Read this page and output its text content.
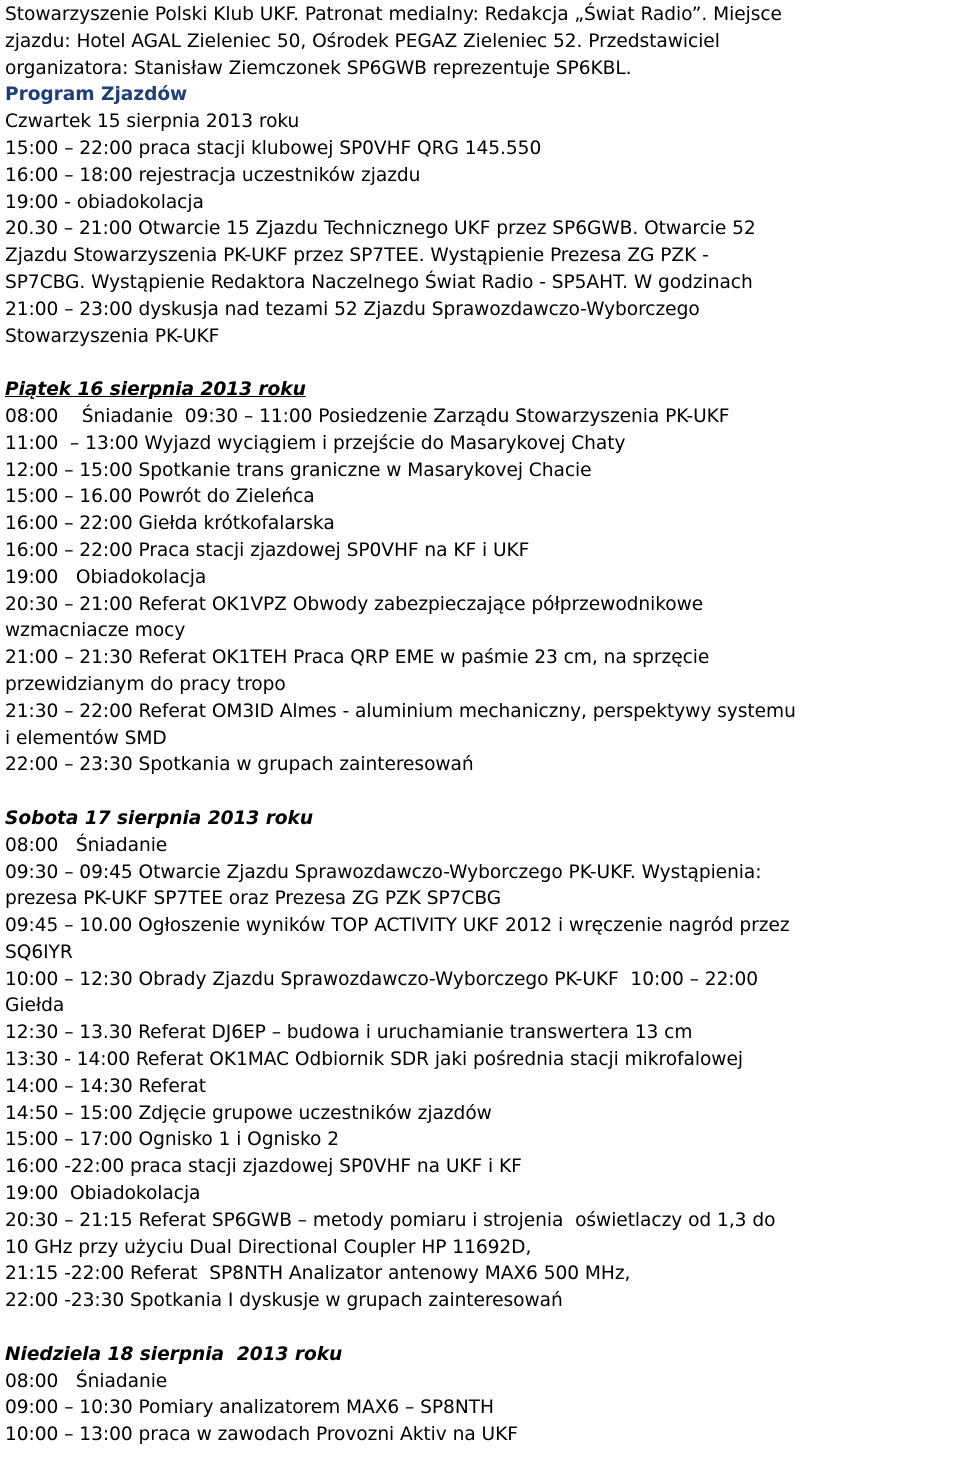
Stowarzyszenie Polski Klub UKF. Patronat medialny: Redakcja „Świat Radio”. Miejsce

zjazdu: Hotel AGAL Zieleniec 50, Ośrodek PEGAZ Zieleniec 52. Przedstawiciel

organizatora: Stanisław Ziemczonek SP6GWB reprezentuje SP6KBL.

Program Zjazdów

Czwartek 15 sierpnia 2013 roku

15:00 – 22:00 praca stacji klubowej SP0VHF QRG 145.550

16:00 – 18:00 rejestracja uczestników zjazdu

19:00 - obiadokolacja

20.30 – 21:00 Otwarcie 15 Zjazdu Technicznego UKF przez SP6GWB. Otwarcie 52

Zjazdu Stowarzyszenia PK-UKF przez SP7TEE. Wystąpienie Prezesa ZG PZK -

SP7CBG. Wystąpienie Redaktora Naczelnego Świat Radio - SP5AHT. W godzinach

21:00 – 23:00 dyskusja nad tezami 52 Zjazdu Sprawozdawczo-Wyborczego

Stowarzyszenia PK-UKF

Piątek 16 sierpnia 2013 roku

08:00    Śniadanie  09:30 – 11:00 Posiedzenie Zarządu Stowarzyszenia PK-UKF

11:00  – 13:00 Wyjazd wyciągiem i przejście do Masarykovej Chaty

12:00 – 15:00 Spotkanie trans graniczne w Masarykovej Chacie

15:00 – 16.00 Powrót do Zieleńca

16:00 – 22:00 Giełda krótkofalarska

16:00 – 22:00 Praca stacji zjazdowej SP0VHF na KF i UKF

19:00   Obiadokolacja

20:30 – 21:00 Referat OK1VPZ Obwody zabezpieczające półprzewodnikowe

wzmacniacze mocy

21:00 – 21:30 Referat OK1TEH Praca QRP EME w paśmie 23 cm, na sprzęcie

przewidzianym do pracy tropo

21:30 – 22:00 Referat OM3ID Almes - aluminium mechaniczny, perspektywy systemu

i elementów SMD

22:00 – 23:30 Spotkania w grupach zainteresowań

Sobota 17 sierpnia 2013 roku

08:00   Śniadanie

09:30 – 09:45 Otwarcie Zjazdu Sprawozdawczo-Wyborczego PK-UKF. Wystąpienia:

prezesa PK-UKF SP7TEE oraz Prezesa ZG PZK SP7CBG

09:45 – 10.00 Ogłoszenie wyników TOP ACTIVITY UKF 2012 i wręczenie nagród przez

SQ6IYR

10:00 – 12:30 Obrady Zjazdu Sprawozdawczo-Wyborczego PK-UKF  10:00 – 22:00

Giełda

12:30 – 13.30 Referat DJ6EP – budowa i uruchamianie transwertera 13 cm

13:30 - 14:00 Referat OK1MAC Odbiornik SDR jaki pośrednia stacji mikrofalowej

14:00 – 14:30 Referat

14:50 – 15:00 Zdjęcie grupowe uczestników zjazdów

15:00 – 17:00 Ognisko 1 i Ognisko 2

16:00 -22:00 praca stacji zjazdowej SP0VHF na UKF i KF

19:00  Obiadokolacja

20:30 – 21:15 Referat SP6GWB – metody pomiaru i strojenia  oświetlaczy od 1,3 do

10 GHz przy użyciu Dual Directional Coupler HP 11692D,

21:15 -22:00 Referat  SP8NTH Analizator antenowy MAX6 500 MHz,

22:00 -23:30 Spotkania I dyskusje w grupach zainteresowań

Niedziela 18 sierpnia  2013 roku

08:00   Śniadanie

09:00 – 10:30 Pomiary analizatorem MAX6 – SP8NTH

10:00 – 13:00 praca w zawodach Provozni Aktiv na UKF
